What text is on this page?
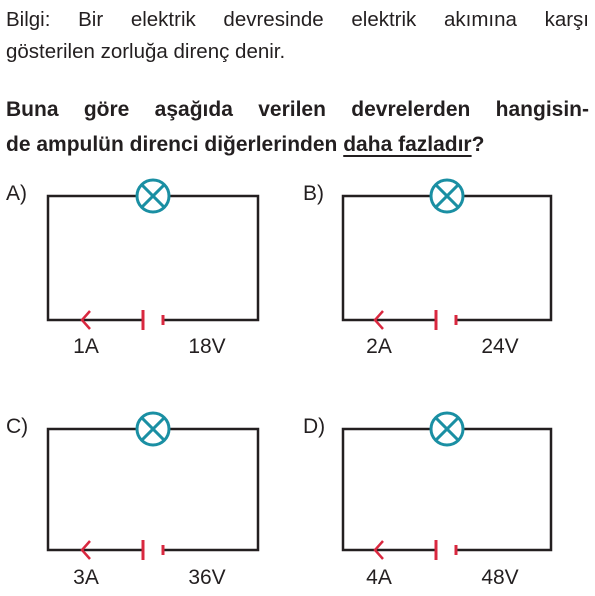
Bilgi: Bir elektrik devresinde elektrik akımına karşı
gösterilen zorluğa direnç denir.
Buna göre aşağıda verilen devrelerden hangisin-
de ampulün direnci diğerlerinden daha fazladır?
A)
1A	18V
B)
2A	24V
C)
3A	36V
D)
4A	48V
